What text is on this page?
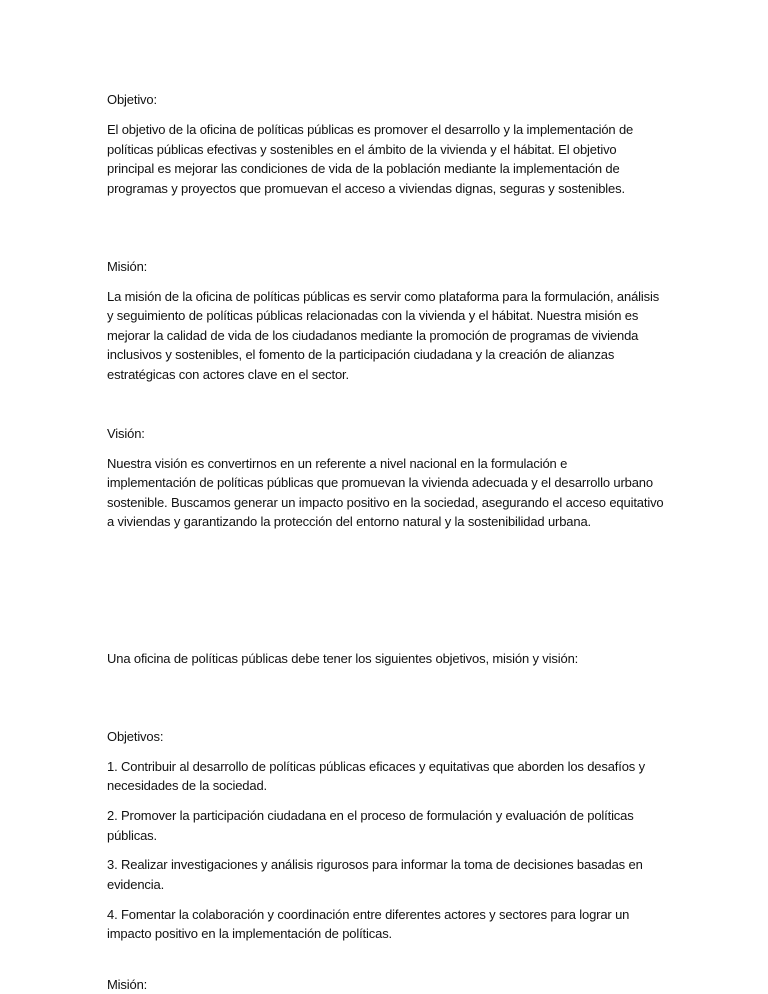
Objetivo:
El objetivo de la oficina de políticas públicas es promover el desarrollo y la implementación de
políticas públicas efectivas y sostenibles en el ámbito de la vivienda y el hábitat. El objetivo
principal es mejorar las condiciones de vida de la población mediante la implementación de
programas y proyectos que promuevan el acceso a viviendas dignas, seguras y sostenibles.
Misión:
La misión de la oficina de políticas públicas es servir como plataforma para la formulación, análisis
y seguimiento de políticas públicas relacionadas con la vivienda y el hábitat. Nuestra misión es
mejorar la calidad de vida de los ciudadanos mediante la promoción de programas de vivienda
inclusivos y sostenibles, el fomento de la participación ciudadana y la creación de alianzas
estratégicas con actores clave en el sector.
Visión:
Nuestra visión es convertirnos en un referente a nivel nacional en la formulación e
implementación de políticas públicas que promuevan la vivienda adecuada y el desarrollo urbano
sostenible. Buscamos generar un impacto positivo en la sociedad, asegurando el acceso equitativo
a viviendas y garantizando la protección del entorno natural y la sostenibilidad urbana.
Una oficina de políticas públicas debe tener los siguientes objetivos, misión y visión:
Objetivos:
1. Contribuir al desarrollo de políticas públicas eficaces y equitativas que aborden los desafíos y
necesidades de la sociedad.
2. Promover la participación ciudadana en el proceso de formulación y evaluación de políticas
públicas.
3. Realizar investigaciones y análisis rigurosos para informar la toma de decisiones basadas en
evidencia.
4. Fomentar la colaboración y coordinación entre diferentes actores y sectores para lograr un
impacto positivo en la implementación de políticas.
Misión:
